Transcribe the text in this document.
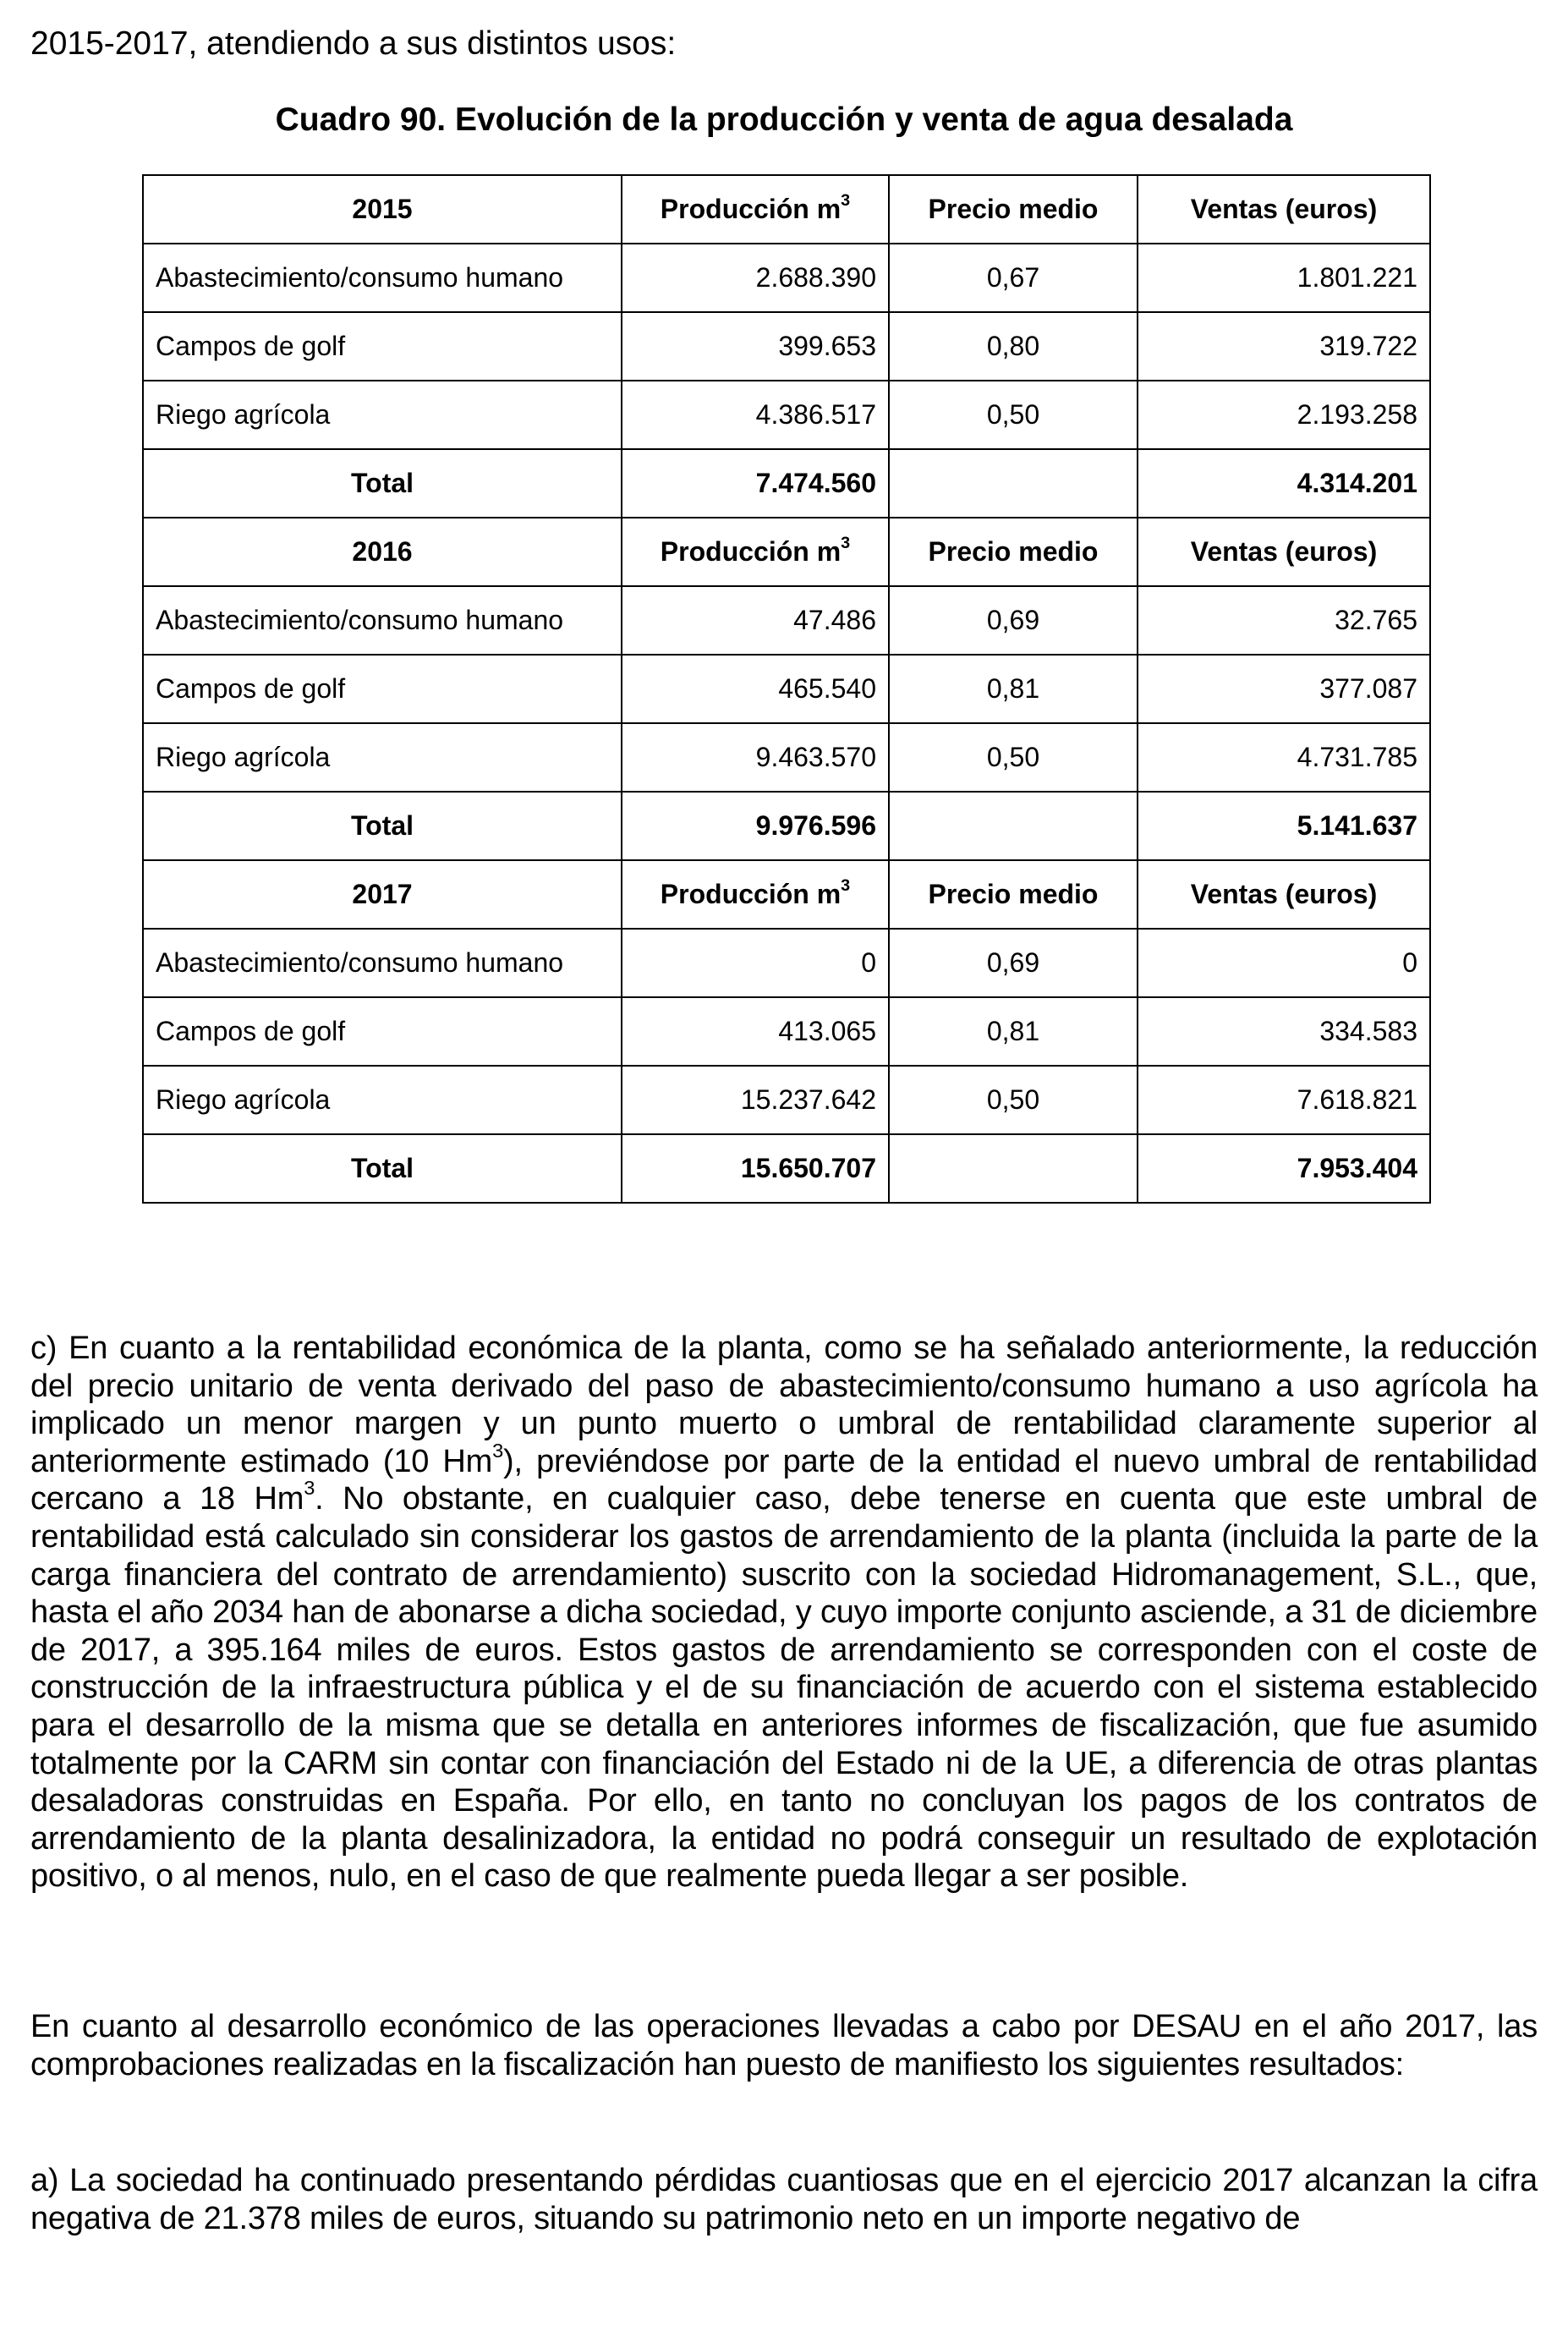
2015-2017, atendiendo a sus distintos usos:
Cuadro 90. Evolución de la producción y venta de agua desalada
2015	Producción $m^3$	Precio medio	Ventas (euros)
Abastecimiento/consumo humano	2.688.390	0,67	1.801.221
Campos de golf	399.653	0,80	319.722
Riego agrícola	4.386.517	0,50	2.193.258
Total	7.474.560		4.314.201
2016	Producción $m^3$	Precio medio	Ventas (euros)
Abastecimiento/consumo humano	47.486	0,69	32.765
Campos de golf	465.540	0,81	377.087
Riego agrícola	9.463.570	0,50	4.731.785
Total	9.976.596		5.141.637
2017	Producción $m^3$	Precio medio	Ventas (euros)
Abastecimiento/consumo humano	0	0,69	0
Campos de golf	413.065	0,81	334.583
Riego agrícola	15.237.642	0,50	7.618.821
Total	15.650.707		7.953.404

c) En cuanto a la rentabilidad económica de la planta, como se ha señalado anteriormente, la reducción del precio unitario de venta derivado del paso de abastecimiento/consumo humano a uso agrícola ha implicado un menor margen y un punto muerto o umbral de rentabilidad claramente superior al anteriormente estimado (10 Hm$^3$), previéndose por parte de la entidad el nuevo umbral de rentabilidad cercano a 18 Hm$^3$. No obstante, en cualquier caso, debe tenerse en cuenta que este umbral de rentabilidad está calculado sin considerar los gastos de arrendamiento de la planta (incluida la parte de la carga financiera del contrato de arrendamiento) suscrito con la sociedad Hidromanagement, S.L., que, hasta el año 2034 han de abonarse a dicha sociedad, y cuyo importe conjunto asciende, a 31 de diciembre de 2017, a 395.164 miles de euros. Estos gastos de arrendamiento se corresponden con el coste de construcción de la infraestructura pública y el de su financiación de acuerdo con el sistema establecido para el desarrollo de la misma que se detalla en anteriores informes de fiscalización, que fue asumido totalmente por la CARM sin contar con financiación del Estado ni de la UE, a diferencia de otras plantas desaladoras construidas en España. Por ello, en tanto no concluyan los pagos de los contratos de arrendamiento de la planta desalinizadora, la entidad no podrá conseguir un resultado de explotación positivo, o al menos, nulo, en el caso de que realmente pueda llegar a ser posible.

En cuanto al desarrollo económico de las operaciones llevadas a cabo por DESAU en el año 2017, las comprobaciones realizadas en la fiscalización han puesto de manifiesto los siguientes resultados:

a) La sociedad ha continuado presentando pérdidas cuantiosas que en el ejercicio 2017 alcanzan la cifra negativa de 21.378 miles de euros, situando su patrimonio neto en un importe negativo de
